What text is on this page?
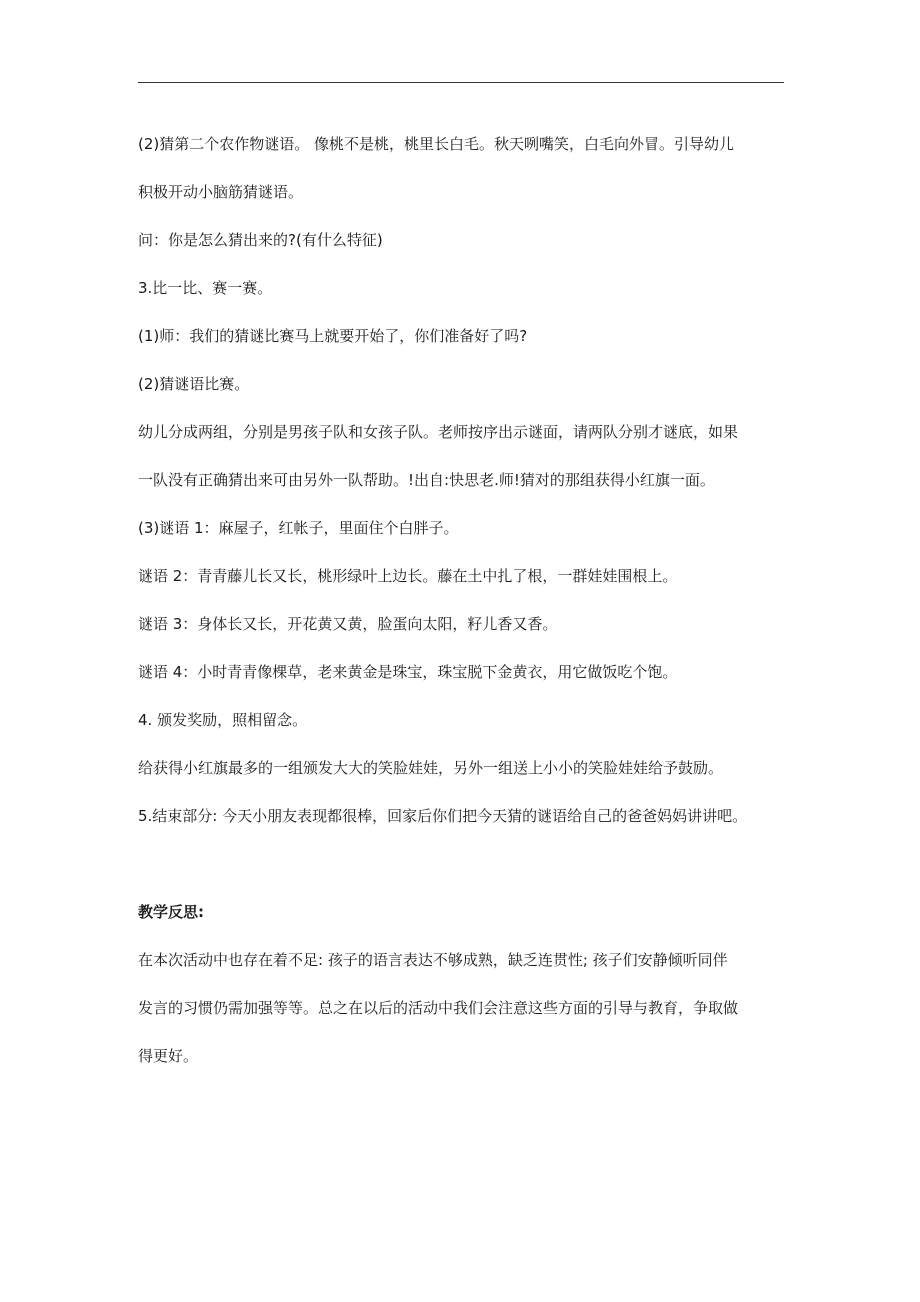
(2)猜第二个农作物谜语。 像桃不是桃，桃里长白毛。秋天咧嘴笑，白毛向外冒。引导幼儿
积极开动小脑筋猜谜语。
问：你是怎么猜出来的?(有什么特征)
3.比一比、赛一赛。
(1)师：我们的猜谜比赛马上就要开始了，你们准备好了吗?
(2)猜谜语比赛。
幼儿分成两组，分别是男孩子队和女孩子队。老师按序出示谜面，请两队分别才谜底，如果
一队没有正确猜出来可由另外一队帮助。!出自:快思老.师!猜对的那组获得小红旗一面。
(3)谜语 1：麻屋子，红帐子，里面住个白胖子。
谜语 2：青青藤儿长又长，桃形绿叶上边长。藤在土中扎了根，一群娃娃围根上。
谜语 3：身体长又长，开花黄又黄，脸蛋向太阳，籽儿香又香。
谜语 4：小时青青像棵草，老来黄金是珠宝，珠宝脱下金黄衣，用它做饭吃个饱。
4. 颁发奖励，照相留念。
给获得小红旗最多的一组颁发大大的笑脸娃娃，另外一组送上小小的笑脸娃娃给予鼓励。
5.结束部分: 今天小朋友表现都很棒，回家后你们把今天猜的谜语给自己的爸爸妈妈讲讲吧。
教学反思:
在本次活动中也存在着不足: 孩子的语言表达不够成熟，缺乏连贯性; 孩子们安静倾听同伴
发言的习惯仍需加强等等。总之在以后的活动中我们会注意这些方面的引导与教育，争取做
得更好。
